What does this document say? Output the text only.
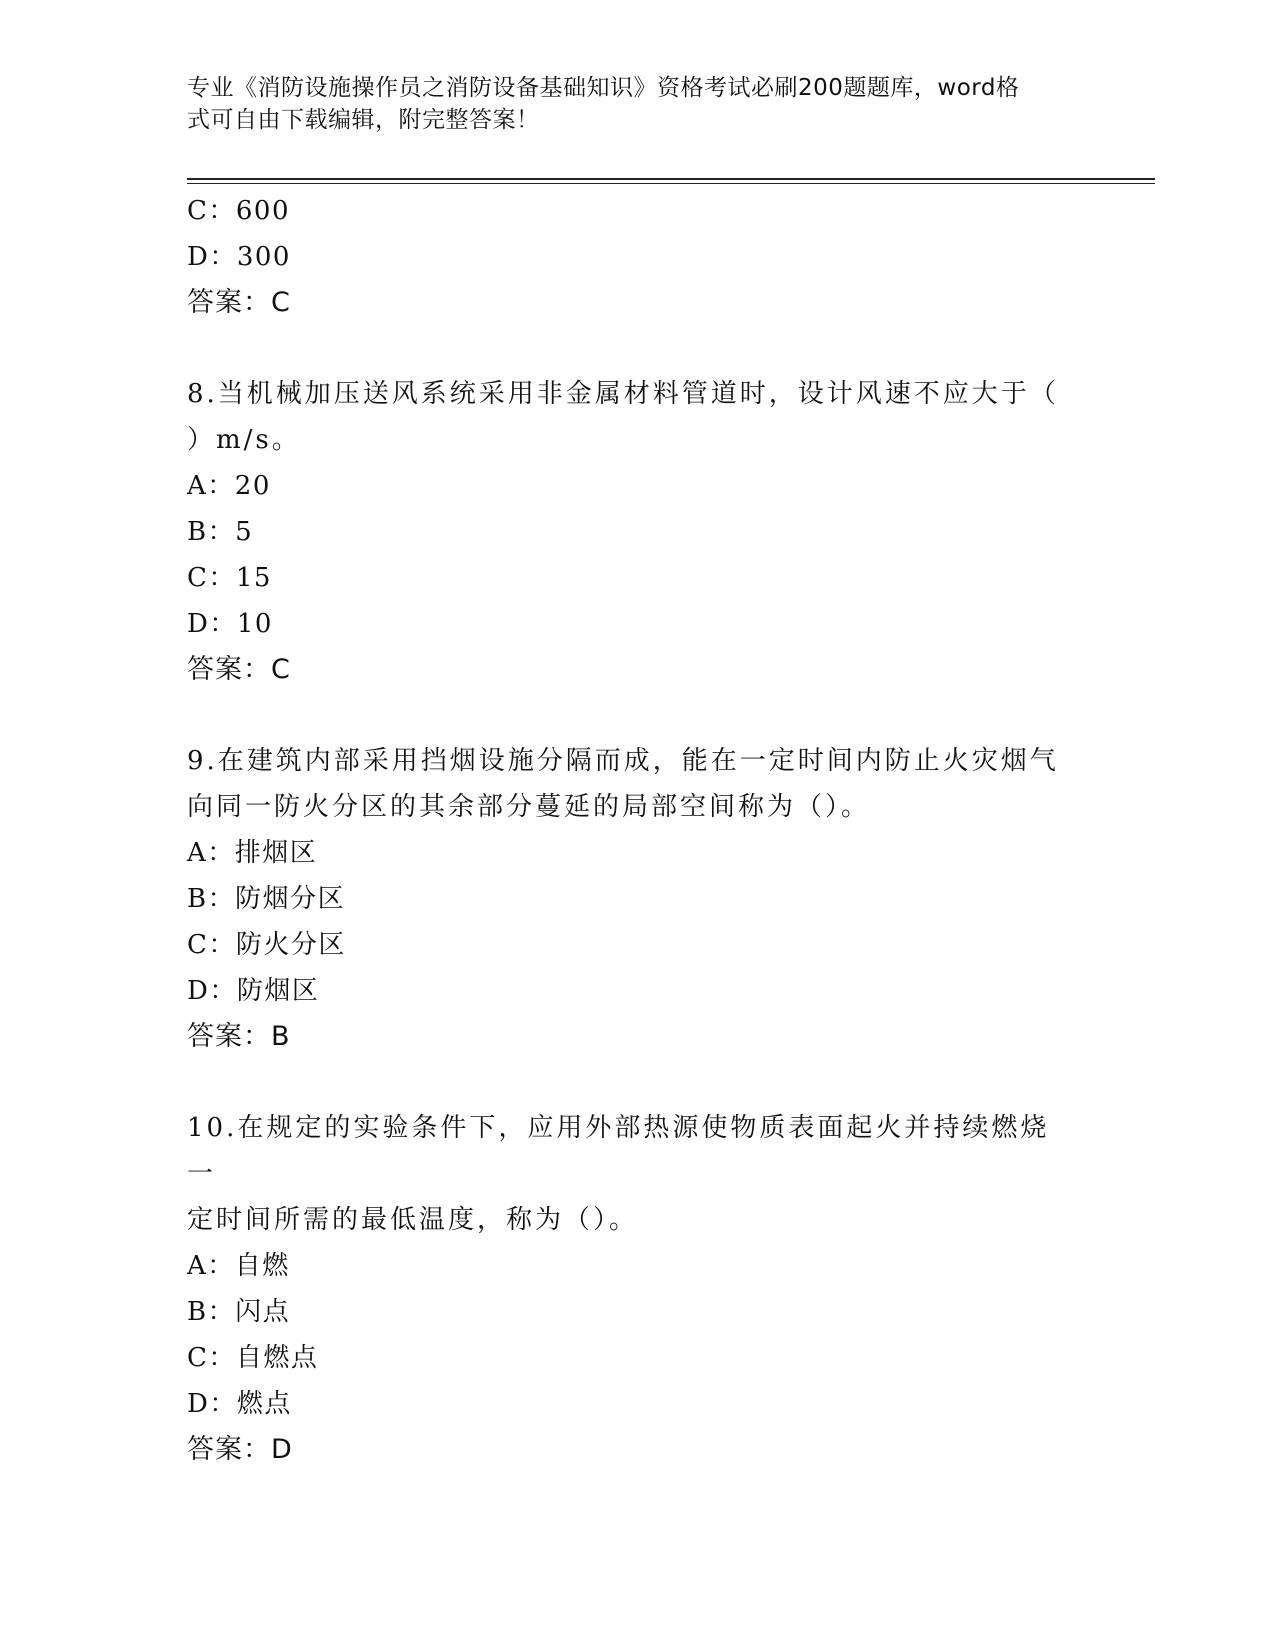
专业《消防设施操作员之消防设备基础知识》资格考试必刷200题题库，word格
式可自由下载编辑，附完整答案！
C：600
D：300
答案：C
8.当机械加压送风系统采用非金属材料管道时，设计风速不应大于（
）m/s。
A：20
B：5
C：15
D：10
答案：C
9.在建筑内部采用挡烟设施分隔而成，能在一定时间内防止火灾烟气
向同一防火分区的其余部分蔓延的局部空间称为（）。
A：排烟区
B：防烟分区
C：防火分区
D：防烟区
答案：B
10.在规定的实验条件下，应用外部热源使物质表面起火并持续燃烧一
定时间所需的最低温度，称为（）。
A：自燃
B：闪点
C：自燃点
D：燃点
答案：D
